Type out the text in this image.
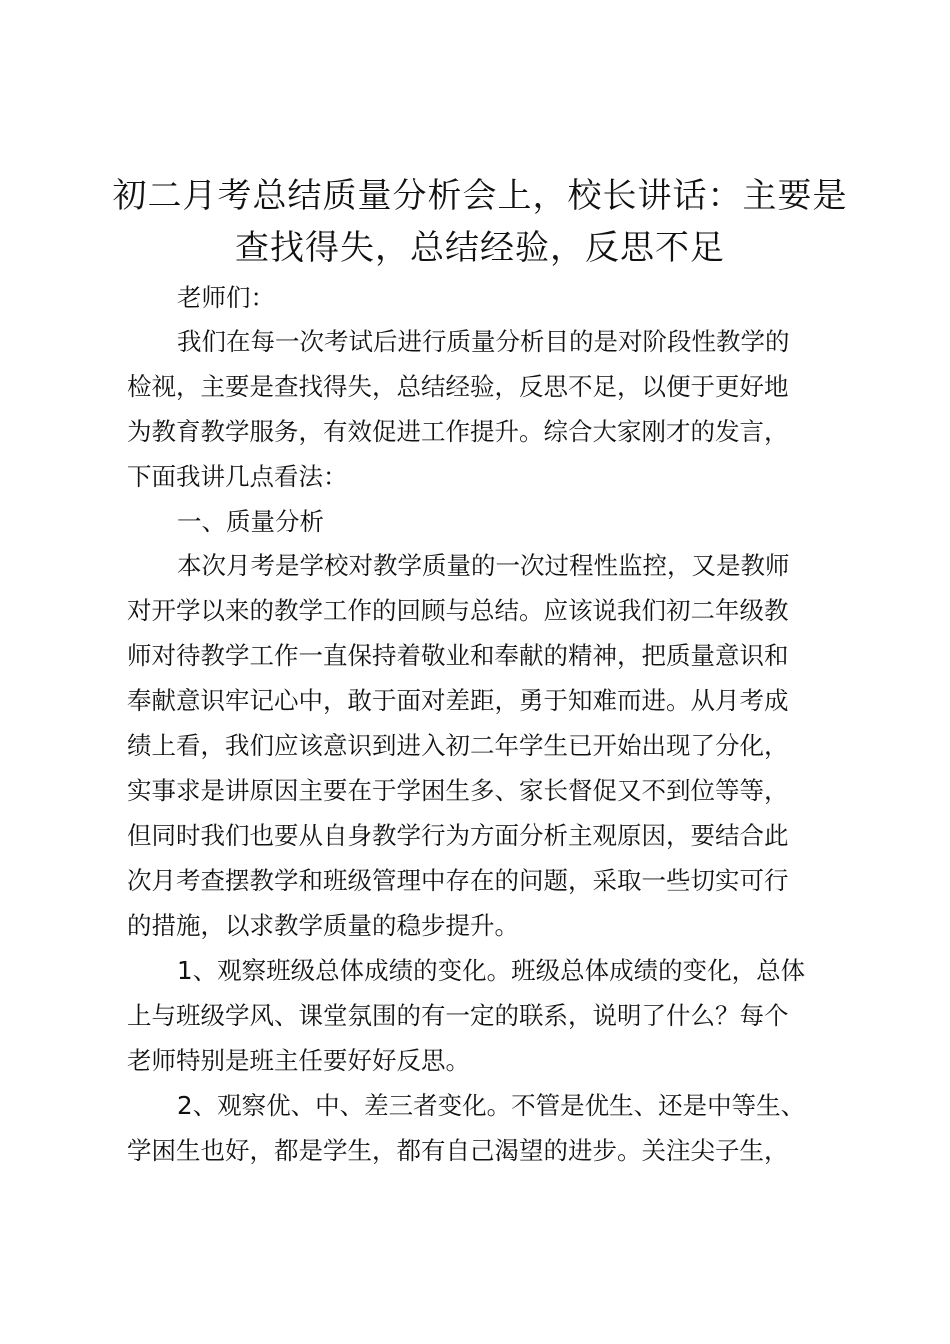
初二月考总结质量分析会上，校长讲话：主要是查找得失，总结经验，反思不足

老师们：

我们在每一次考试后进行质量分析目的是对阶段性教学的

检视，主要是查找得失，总结经验，反思不足，以便于更好地

为教育教学服务，有效促进工作提升。综合大家刚才的发言，

下面我讲几点看法：

一、质量分析

本次月考是学校对教学质量的一次过程性监控，又是教师

对开学以来的教学工作的回顾与总结。应该说我们初二年级教

师对待教学工作一直保持着敬业和奉献的精神，把质量意识和

奉献意识牢记心中，敢于面对差距，勇于知难而进。从月考成

绩上看，我们应该意识到进入初二年学生已开始出现了分化，

实事求是讲原因主要在于学困生多、家长督促又不到位等等，

但同时我们也要从自身教学行为方面分析主观原因，要结合此

次月考查摆教学和班级管理中存在的问题，采取一些切实可行

的措施，以求教学质量的稳步提升。

1、观察班级总体成绩的变化。班级总体成绩的变化，总体

上与班级学风、课堂氛围的有一定的联系，说明了什么？每个

老师特别是班主任要好好反思。

2、观察优、中、差三者变化。不管是优生、还是中等生、

学困生也好，都是学生，都有自己渴望的进步。关注尖子生，
